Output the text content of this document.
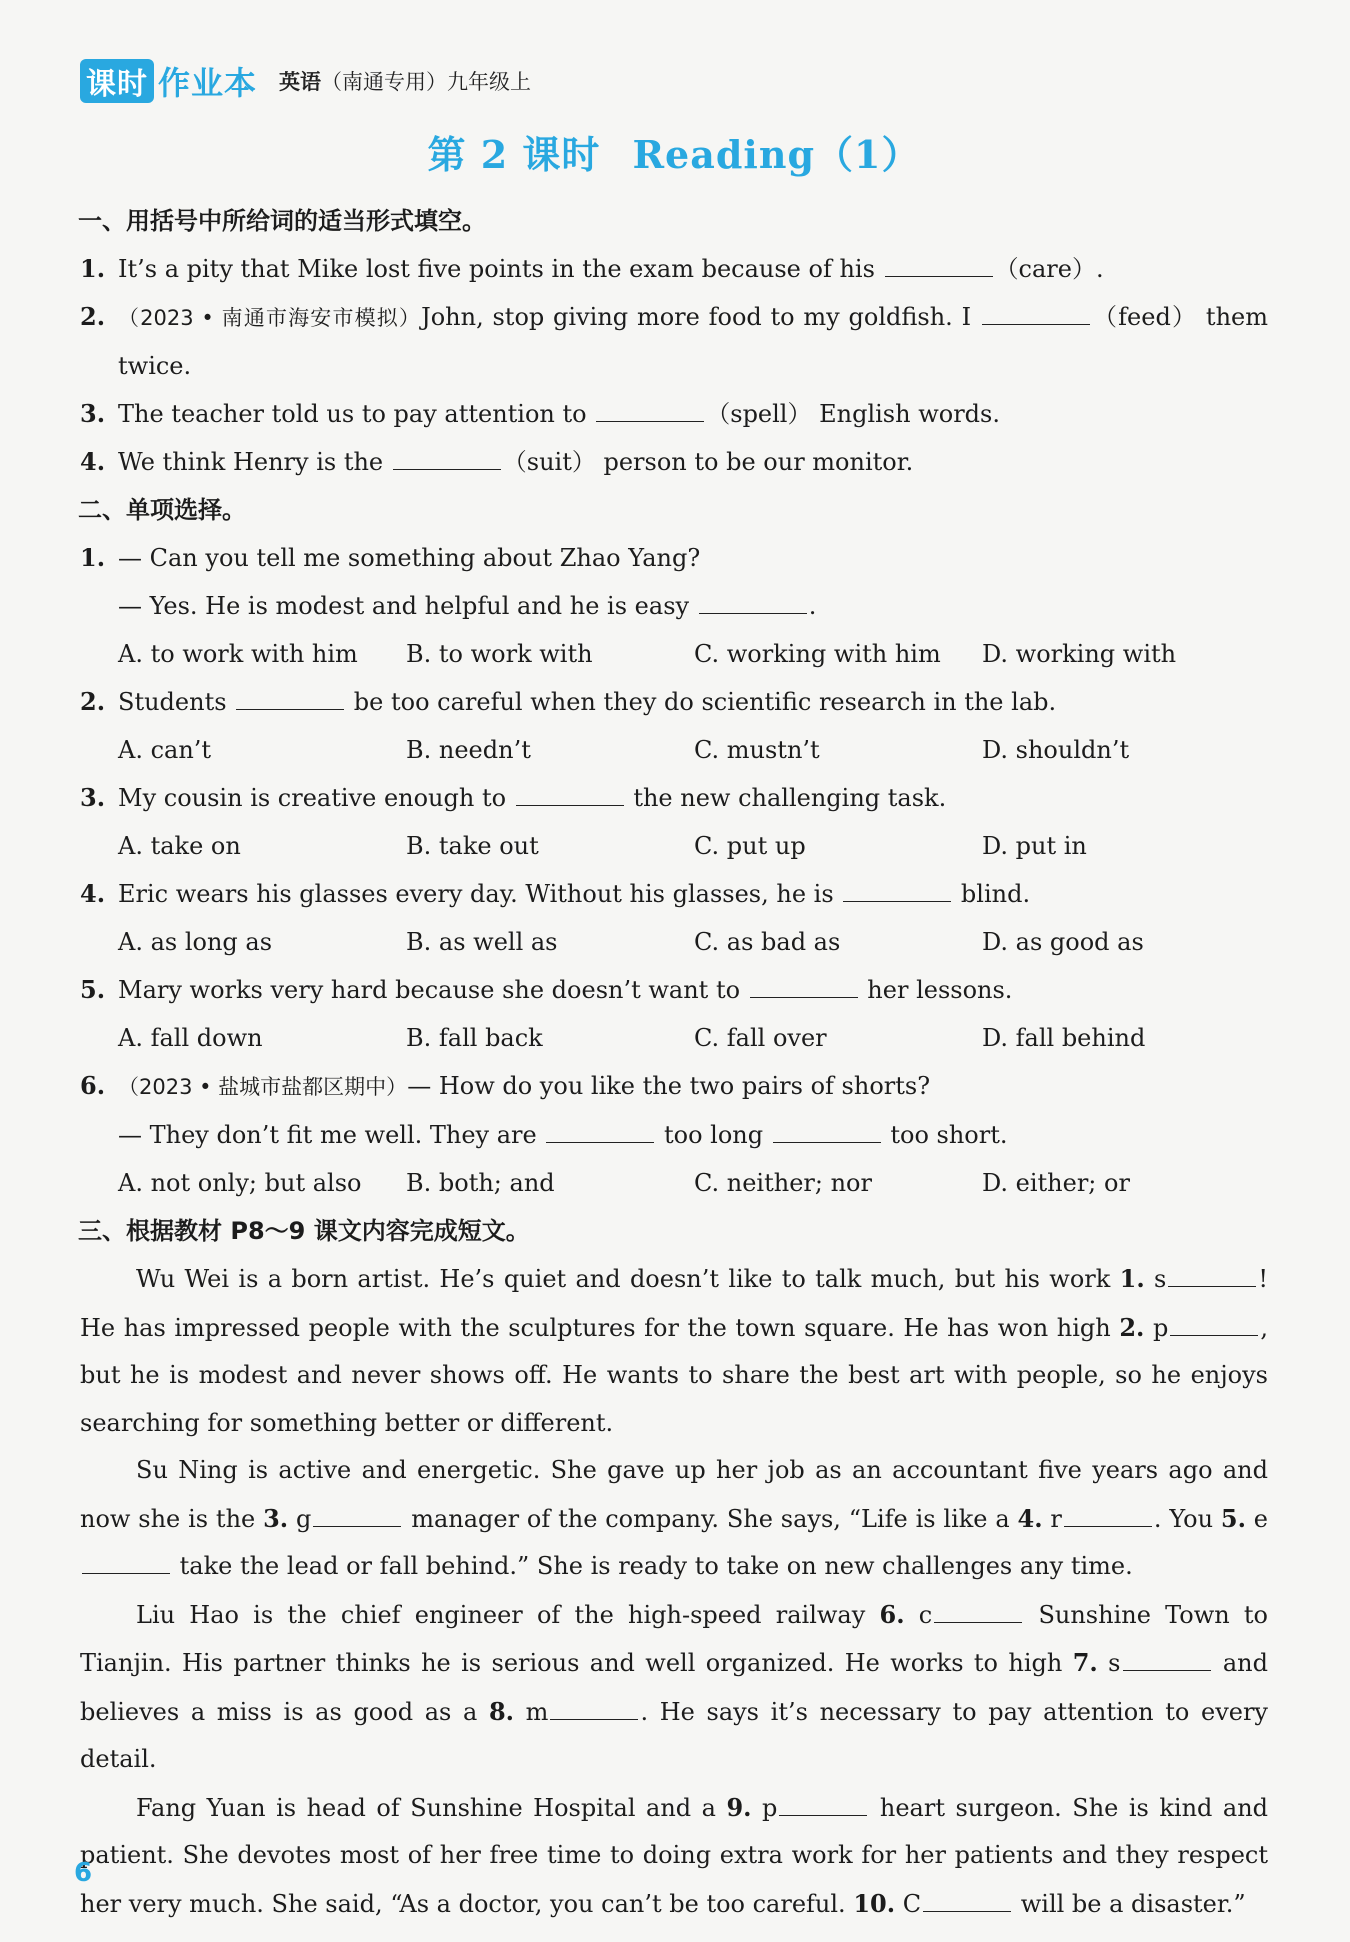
课时 作业本 英语（南通专用）九年级上
第 2 课时 Reading（1）
一、用括号中所给词的适当形式填空。
1. It’s a pity that Mike lost five points in the exam because of his	（care）.
2. （2023 • 南通市海安市模拟）John, stop giving more food to my goldfish. I	（feed） them twice.
3. The teacher told us to pay attention to	（spell） English words.
4. We think Henry is the	（suit） person to be our monitor.
二、单项选择。
1. — Can you tell me something about Zhao Yang?
— Yes. He is modest and helpful and he is easy	.
A. to work with him	B. to work with	C. working with him	D. working with
2. Students	be too careful when they do scientific research in the lab.
A. can’t	B. needn’t	C. mustn’t	D. shouldn’t
3. My cousin is creative enough to	the new challenging task.
A. take on	B. take out	C. put up	D. put in
4. Eric wears his glasses every day. Without his glasses, he is	blind.
A. as long as	B. as well as	C. as bad as	D. as good as
5. Mary works very hard because she doesn’t want to	her lessons.
A. fall down	B. fall back	C. fall over	D. fall behind
6. （2023 • 盐城市盐都区期中）— How do you like the two pairs of shorts?
— They don’t fit me well. They are	too long	too short.
A. not only; but also	B. both; and	C. neither; nor	D. either; or
三、根据教材 P8～9 课文内容完成短文。

Wu Wei is a born artist. He’s quiet and doesn’t like to talk much, but his work 1. s	! He has impressed people with the sculptures for the town square. He has won high 2. p	, but he is modest and never shows off. He wants to share the best art with people, so he enjoys searching for something better or different.

Su Ning is active and energetic. She gave up her job as an accountant five years ago and now she is the 3. g	manager of the company. She says, “Life is like a 4. r	. You 5. e take the lead or fall behind.” She is ready to take on new challenges any time.

Liu Hao is the chief engineer of the high-speed railway 6. c	Sunshine Town to Tianjin. His partner thinks he is serious and well organized. He works to high 7. s	and believes a miss is as good as a 8. m	. He says it’s necessary to pay attention to every detail.

Fang Yuan is head of Sunshine Hospital and a 9. p	heart surgeon. She is kind and patient. She devotes most of her free time to doing extra work for her patients and they respect her very much. She said, “As a doctor, you can’t be too careful. 10. C	will be a disaster.”

6
